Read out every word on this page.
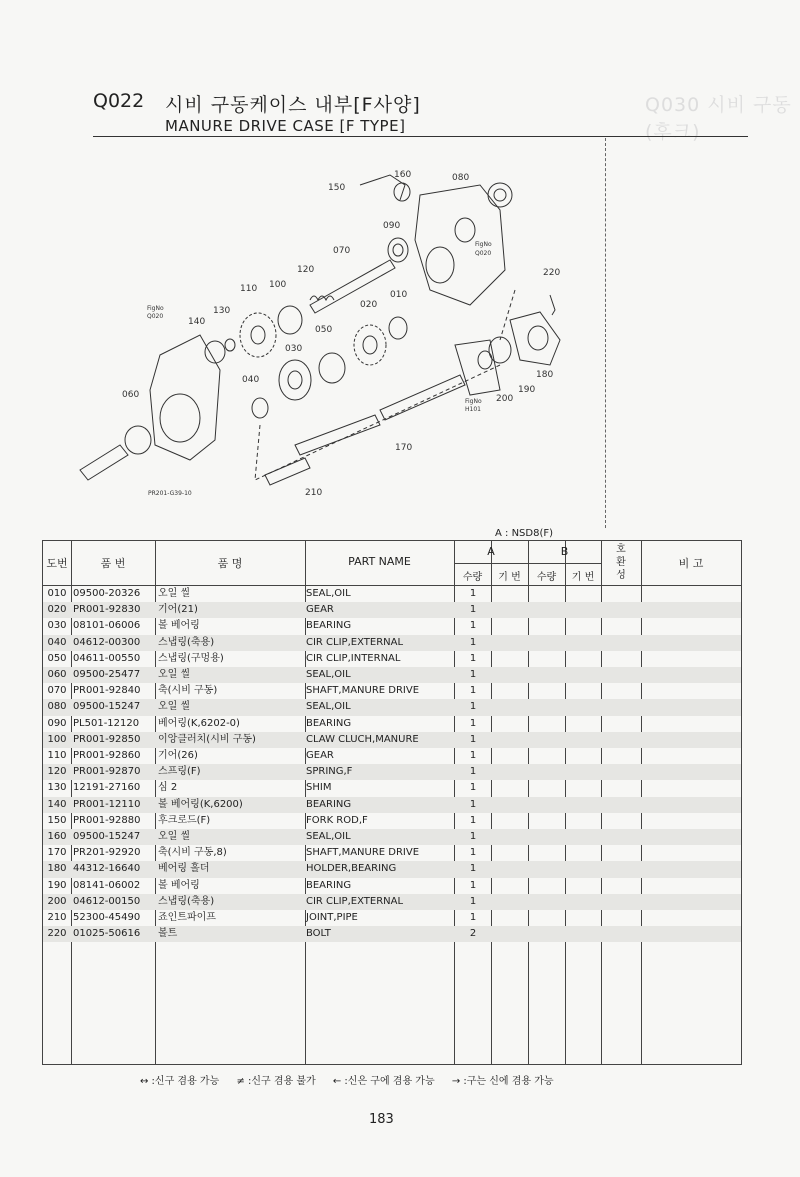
Q030 시비 구동(후크)
Q022 시비 구동케이스 내부[F사양]
MANURE DRIVE CASE [F TYPE]
150
160	080
090
070
120
110 100
130
140
020
010
050
030
040
060
220
180
190
200
170
210
FigNo
Q020
FigNo
Q020
FigNo
H101
PR201-G39-10
A : NSD8(F)
도번	품 번	품 명	PART NAME
A	B
수량	기 번	수량	기 번
호환성
비 고
010 09500-20326	오일 씰	SEAL,OIL	1
020 PR001-92830	기어(21)	GEAR	1
030 08101-06006	볼 베어링	BEARING	1
040 04612-00300	스냅링(축용)	CIR CLIP,EXTERNAL	1
050 04611-00550	스냅링(구멍용)	CIR CLIP,INTERNAL	1
060 09500-25477	오일 씰	SEAL,OIL	1
070 PR001-92840	축(시비 구동)	SHAFT,MANURE DRIVE	1
080 09500-15247	오일 씰	SEAL,OIL	1
090 PL501-12120	베어링(K,6202-0)	BEARING	1
100 PR001-92850	이앙클러치(시비 구동)	CLAW CLUCH,MANURE	1
110 PR001-92860	기어(26)	GEAR	1
120 PR001-92870	스프링(F)	SPRING,F	1
130 12191-27160	심 2	SHIM	1
140 PR001-12110	볼 베어링(K,6200)	BEARING	1
150 PR001-92880	후크로드(F)	FORK ROD,F	1
160 09500-15247	오일 씰	SEAL,OIL	1
170 PR201-92920	축(시비 구동,8)	SHAFT,MANURE DRIVE	1
180 44312-16640	베어링 홀더	HOLDER,BEARING	1
190 08141-06002	볼 베어링	BEARING	1
200 04612-00150	스냅링(축용)	CIR CLIP,EXTERNAL	1
210 52300-45490	죠인트파이프	JOINT,PIPE	1
220 01025-50616	볼트	BOLT	2
↔ :신구 겸용 가능 ≠ :신구 겸용 불가 ← :신은 구에 겸용 가능 → :구는 신에 겸용 가능
183
